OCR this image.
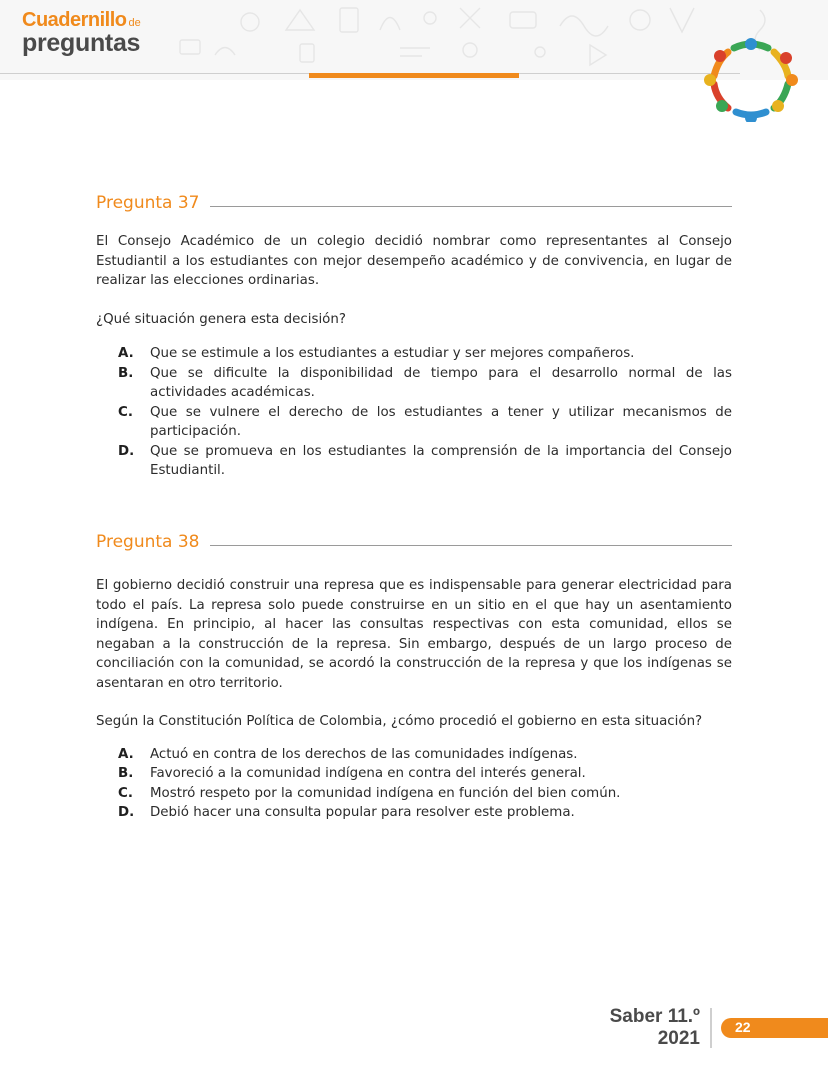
Cuadernillo de
preguntas
Pregunta 37

El Consejo Académico de un colegio decidió nombrar como representantes al Consejo Estudiantil a los estudiantes con mejor desempeño académico y de convivencia, en lugar de realizar las elecciones ordinarias.

¿Qué situación genera esta decisión?

A. Que se estimule a los estudiantes a estudiar y ser mejores compañeros.
B. Que se dificulte la disponibilidad de tiempo para el desarrollo normal de las actividades académicas.
C. Que se vulnere el derecho de los estudiantes a tener y utilizar mecanismos de participación.
D. Que se promueva en los estudiantes la comprensión de la importancia del Consejo Estudiantil.
Pregunta 38

El gobierno decidió construir una represa que es indispensable para generar electricidad para todo el país. La represa solo puede construirse en un sitio en el que hay un asentamiento indígena. En principio, al hacer las consultas respectivas con esta comunidad, ellos se negaban a la construcción de la represa. Sin embargo, después de un largo proceso de conciliación con la comunidad, se acordó la construcción de la represa y que los indígenas se asentaran en otro territorio.

Según la Constitución Política de Colombia, ¿cómo procedió el gobierno en esta situación?

A. Actuó en contra de los derechos de las comunidades indígenas.
B. Favoreció a la comunidad indígena en contra del interés general.
C. Mostró respeto por la comunidad indígena en función del bien común.
D. Debió hacer una consulta popular para resolver este problema.
Saber 11.º
2021
22
